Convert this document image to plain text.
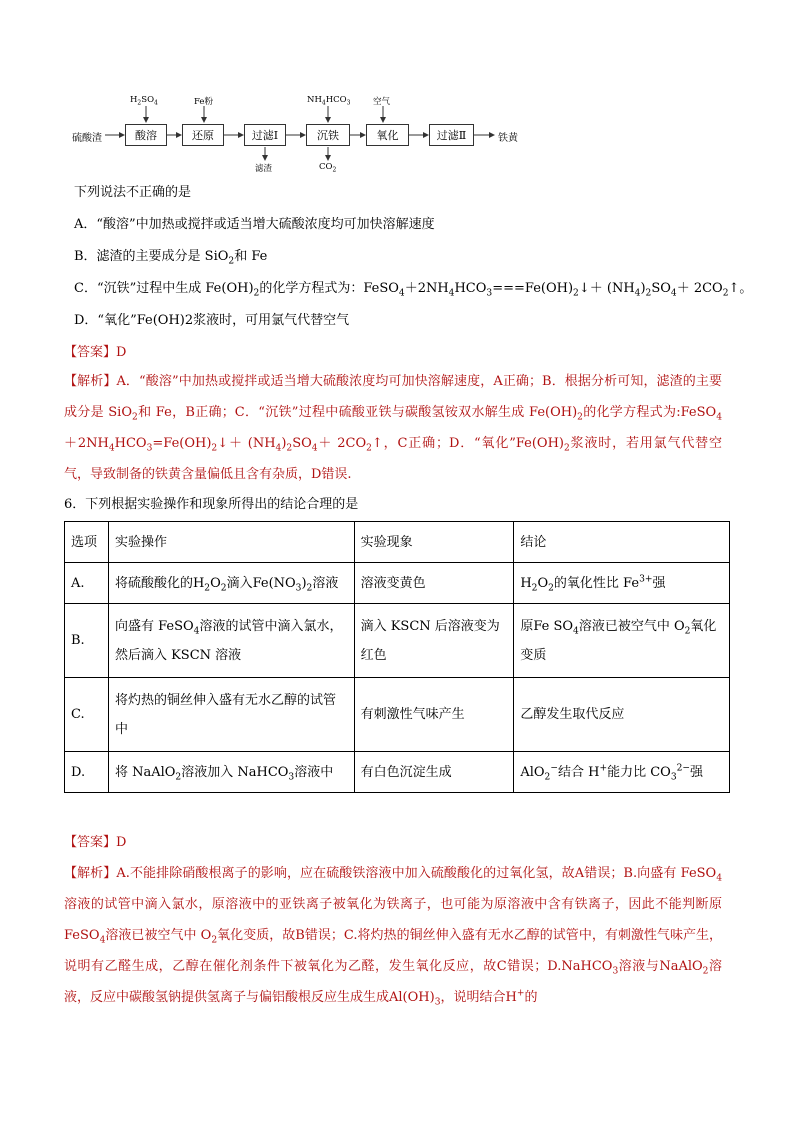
硫酸渣	酸溶	还原	过滤Ⅰ	沉铁	氧化	过滤Ⅱ	铁黄
$H_2SO_4$	Fe粉	$NH_4HCO_3$	空气
滤渣	$CO_2$
下列说法不正确的是
A．“酸溶”中加热或搅拌或适当增大硫酸浓度均可加快溶解速度
B．滤渣的主要成分是 SiO$_2$和 Fe
C．“沉铁”过程中生成 $Fe(OH)_2$的化学方程式为：$FeSO_4+2NH_4HCO_3===Fe(OH)_2↓+ (NH_4)_2SO_4+$ $2CO_2↑$。
D．“氧化”Fe(OH)2浆液时，可用氯气代替空气
【答案】D
【解析】A．“酸溶”中加热或搅拌或适当增大硫酸浓度均可加快溶解速度，A正确；B．根据分析可知，滤渣的主要成分是 SiO$_2$和 Fe，B正确；C．“沉铁”过程中硫酸亚铁与碳酸氢铵双水解生成 $Fe(OH)_2$的化学方程式为$:FeSO_4+2NH_4HCO_3=Fe(OH)_2↓+ (NH_4)_2SO_4+$ $2CO_2↑$，C正确；D．“氧化$”Fe(OH)_2$浆液时，若用氯气代替空气，导致制备的铁黄含量偏低且含有杂质，D错误.
6．下列根据实验操作和现象所得出的结论合理的是
选项	实验操作	实验现象	结论
A.	将硫酸酸化的$H_2O_2$滴入$Fe(NO_3)_2$溶液	溶液变黄色	$H_2O_2$的氧化性比 $Fe^{3+}$强
B.	向盛有 FeSO$_4$溶液的试管中滴入氯水，然后滴入 KSCN 溶液	滴入 KSCN 后溶液变为红色	原Fe $SO_4$溶液已被空气中 $O_2$氧化变质
C.	将灼热的铜丝伸入盛有无水乙醇的试管中	有刺激性气味产生	乙醇发生取代反应
D.	将 NaAlO$_2$溶液加入 NaHCO$_3$溶液中	有白色沉淀生成	AlO$_2$−结合 H+能力比 $CO_3^{2-}$强
【答案】D
【解析】A.不能排除硝酸根离子的影响，应在硫酸铁溶液中加入硫酸酸化的过氧化氢，故A错误；B.向盛有 FeSO$_4$溶液的试管中滴入氯水，原溶液中的亚铁离子被氧化为铁离子，也可能为原溶液中含有铁离子，因此不能判断原FeSO$_4$溶液已被空气中 $O_2$氧化变质，故B错误；C.将灼热的铜丝伸入盛有无水乙醇的试管中，有刺激性气味产生，说明有乙醛生成，乙醇在催化剂条件下被氧化为乙醛，发生氧化反应，故C错误；D.NaHCO$_3$溶液与NaAlO$_2$溶液，反应中碳酸氢钠提供氢离子与偏铝酸根反应生成生成$Al(OH)_3$，说明结合H+的
